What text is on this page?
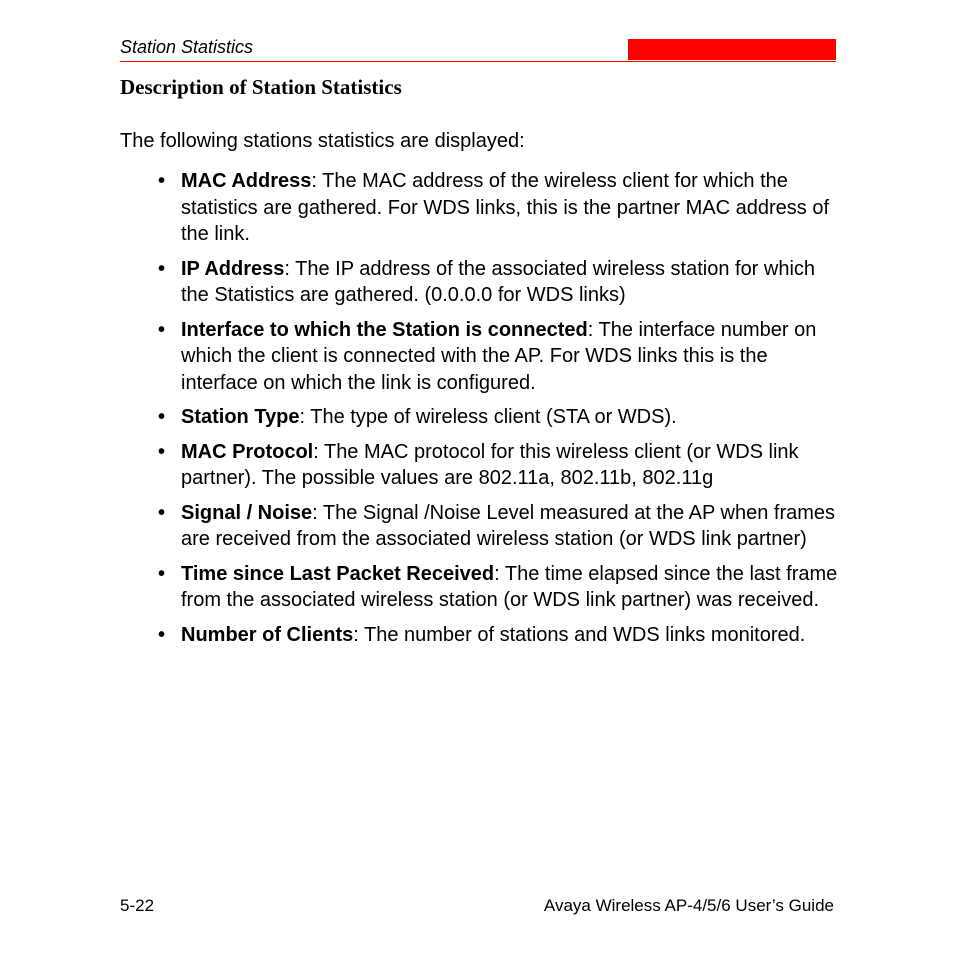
Station Statistics
Description of Station Statistics

The following stations statistics are displayed:

• MAC Address: The MAC address of the wireless client for which the statistics are gathered. For WDS links, this is the partner MAC address of the link.
• IP Address: The IP address of the associated wireless station for which the Statistics are gathered. (0.0.0.0 for WDS links)
• Interface to which the Station is connected: The interface number on which the client is connected with the AP. For WDS links this is the interface on which the link is configured.
• Station Type: The type of wireless client (STA or WDS).
• MAC Protocol: The MAC protocol for this wireless client (or WDS link partner). The possible values are 802.11a, 802.11b, 802.11g
• Signal / Noise: The Signal /Noise Level measured at the AP when frames are received from the associated wireless station (or WDS link partner)
• Time since Last Packet Received: The time elapsed since the last frame from the associated wireless station (or WDS link partner) was received.
• Number of Clients: The number of stations and WDS links monitored.
5-22	Avaya Wireless AP-4/5/6 User’s Guide
